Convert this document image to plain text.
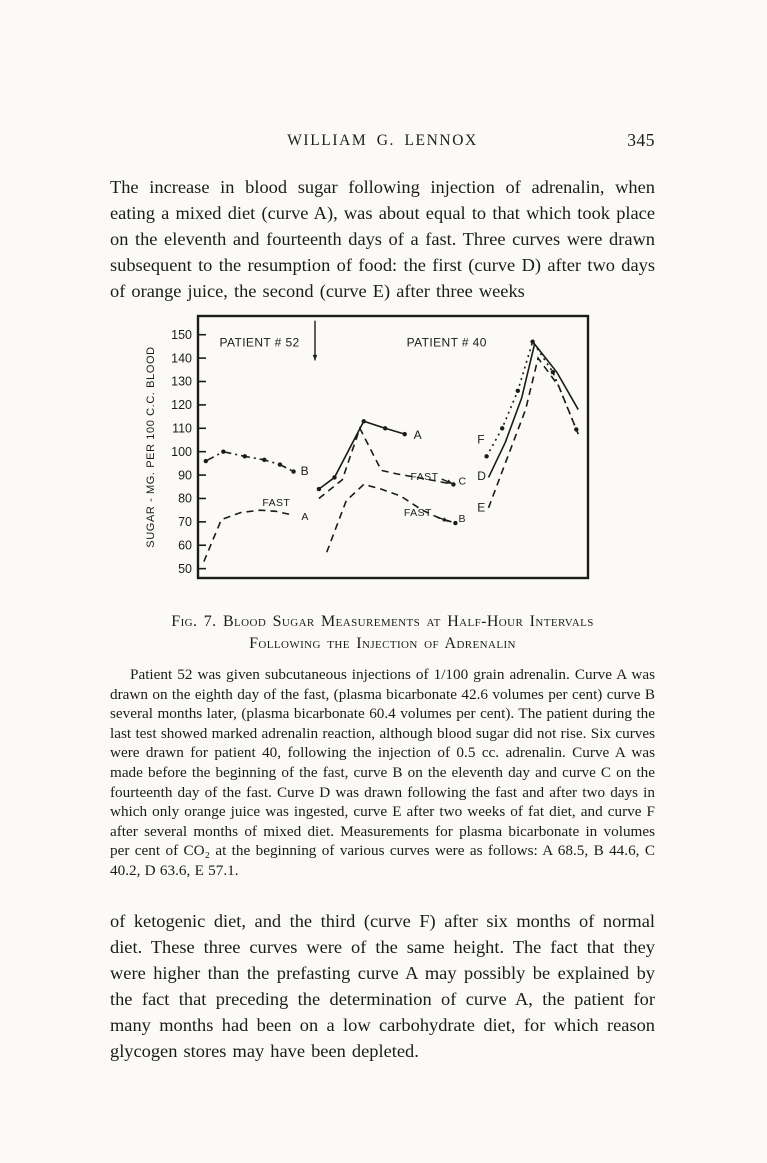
WILLIAM G. LENNOX	345

The increase in blood sugar following injection of adrenalin, when eating a mixed diet (curve A), was about equal to that which took place on the eleventh and fourteenth days of a fast. Three curves were drawn subsequent to the resumption of food: the first (curve D) after two days of orange juice, the second (curve E) after three weeks

50
60
70
80
90
100
110
120
130
140
150
SUGAR - MG. PER 100 C.C. BLOOD
PATIENT # 52	PATIENT # 40
B
FAST
A
A
FAST C
FAST	B
F
D
E
Fig. 7. Blood Sugar Measurements at Half-Hour Intervals Following the Injection of Adrenalin

Patient 52 was given subcutaneous injections of 1/100 grain adrenalin. Curve A was drawn on the eighth day of the fast, (plasma bicarbonate 42.6 volumes per cent) curve B several months later, (plasma bicarbonate 60.4 volumes per cent). The patient during the last test showed marked adrenalin reaction, although blood sugar did not rise. Six curves were drawn for patient 40, following the injection of 0.5 cc. adrenalin. Curve A was made before the beginning of the fast, curve B on the eleventh day and curve C on the fourteenth day of the fast. Curve D was drawn following the fast and after two days in which only orange juice was ingested, curve E after two weeks of fat diet, and curve F after several months of mixed diet. Measurements for plasma bicarbonate in volumes per cent of CO₂ at the beginning of various curves were as follows: A 68.5, B 44.6, C 40.2, D 63.6, E 57.1.

of ketogenic diet, and the third (curve F) after six months of normal diet. These three curves were of the same height. The fact that they were higher than the prefasting curve A may possibly be explained by the fact that preceding the determination of curve A, the patient for many months had been on a low carbohydrate diet, for which reason glycogen stores may have been depleted.
